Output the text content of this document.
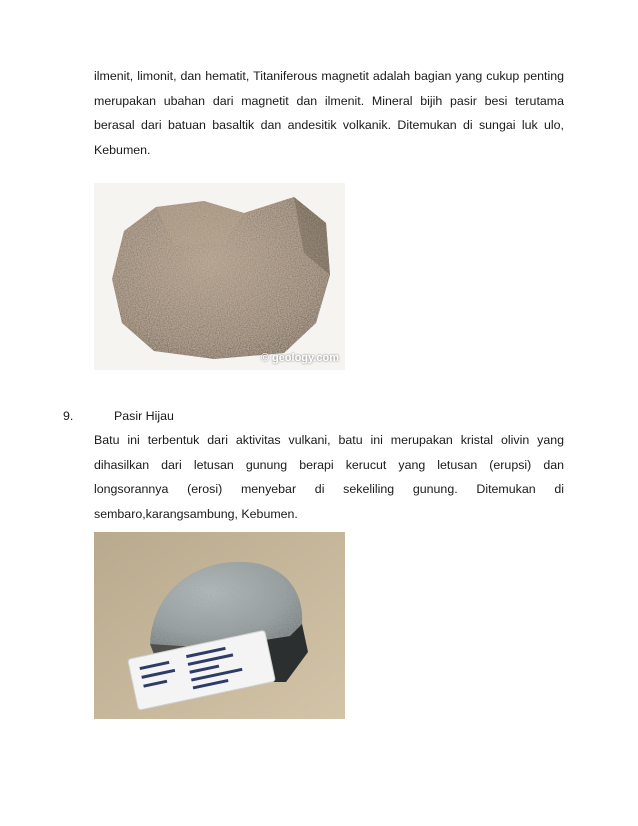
ilmenit, limonit, dan hematit, Titaniferous magnetit adalah bagian yang cukup penting merupakan ubahan dari magnetit dan ilmenit. Mineral bijih pasir besi terutama berasal dari batuan basaltik dan andesitik volkanik. Ditemukan di sungai luk ulo, Kebumen.

© geology.com
9.	Pasir Hijau

Batu ini terbentuk dari aktivitas vulkani, batu ini merupakan kristal olivin yang dihasilkan dari letusan gunung berapi kerucut yang letusan (erupsi) dan longsorannya (erosi) menyebar di sekeliling gunung. Ditemukan di sembaro,karangsambung, Kebumen.
